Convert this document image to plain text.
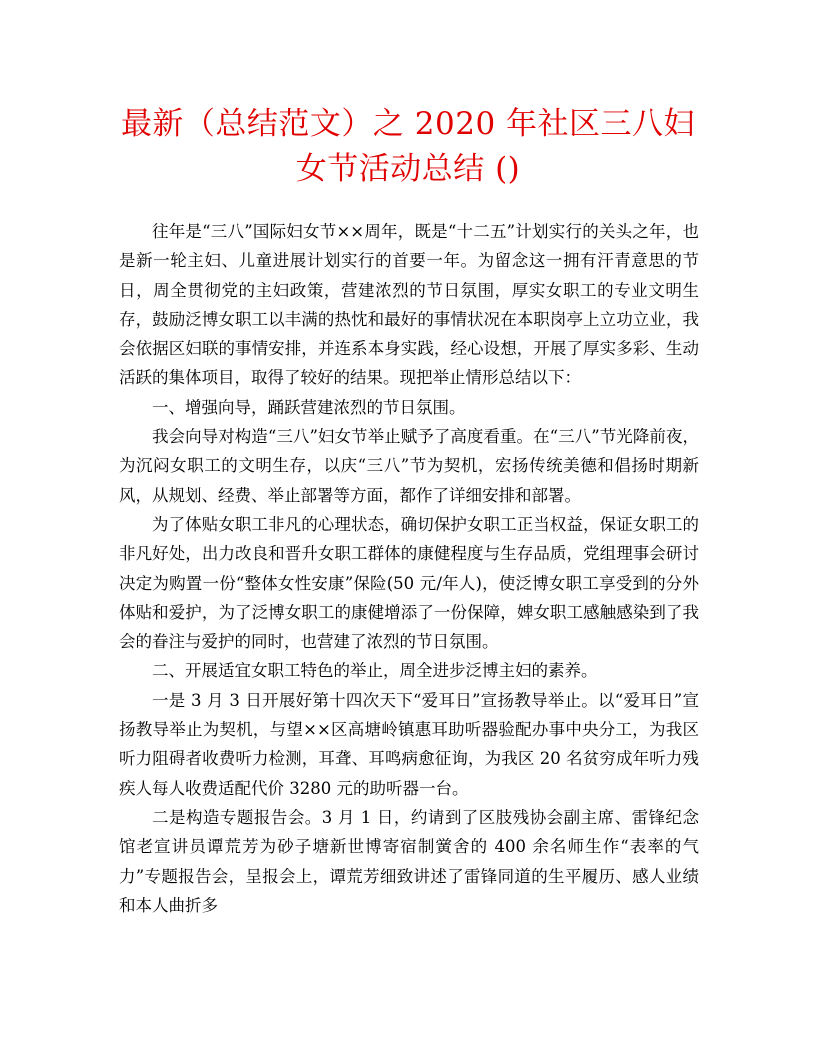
最新（总结范文）之 2020 年社区三八妇
女节活动总结 ()

往年是“三八”国际妇女节××周年，既是“十二五”计划实行的关头之年，也是新一轮主妇、儿童进展计划实行的首要一年。为留念这一拥有汗青意思的节日，周全贯彻党的主妇政策，营建浓烈的节日氛围，厚实女职工的专业文明生存，鼓励泛博女职工以丰满的热忱和最好的事情状况在本职岗亭上立功立业，我会依据区妇联的事情安排，并连系本身实践，经心设想，开展了厚实多彩、生动活跃的集体项目，取得了较好的结果。现把举止情形总结以下：

一、增强向导，踊跃营建浓烈的节日氛围。

我会向导对构造“三八”妇女节举止赋予了高度看重。在“三八”节光降前夜，为沉闷女职工的文明生存，以庆“三八”节为契机，宏扬传统美德和倡扬时期新风，从规划、经费、举止部署等方面，都作了详细安排和部署。

为了体贴女职工非凡的心理状态，确切保护女职工正当权益，保证女职工的非凡好处，出力改良和晋升女职工群体的康健程度与生存品质，党组理事会研讨决定为购置一份“整体女性安康”保险(50 元/年人)，使泛博女职工享受到的分外体贴和爱护，为了泛博女职工的康健增添了一份保障，婢女职工感触感染到了我会的眷注与爱护的同时，也营建了浓烈的节日氛围。

二、开展适宜女职工特色的举止，周全进步泛博主妇的素养。

一是 3 月 3 日开展好第十四次天下“爱耳日”宣扬教导举止。以“爱耳日”宣扬教导举止为契机，与望××区高塘岭镇惠耳助听器验配办事中央分工，为我区听力阻碍者收费听力检测，耳聋、耳鸣病愈征询，为我区 20 名贫穷成年听力残疾人每人收费适配代价 3280 元的助听器一台。

二是构造专题报告会。3 月 1 日，约请到了区肢残协会副主席、雷锋纪念馆老宣讲员谭荒芳为砂子塘新世博寄宿制黉舍的 400 余名师生作“表率的气力”专题报告会，呈报会上，谭荒芳细致讲述了雷锋同道的生平履历、感人业绩和本人曲折多
